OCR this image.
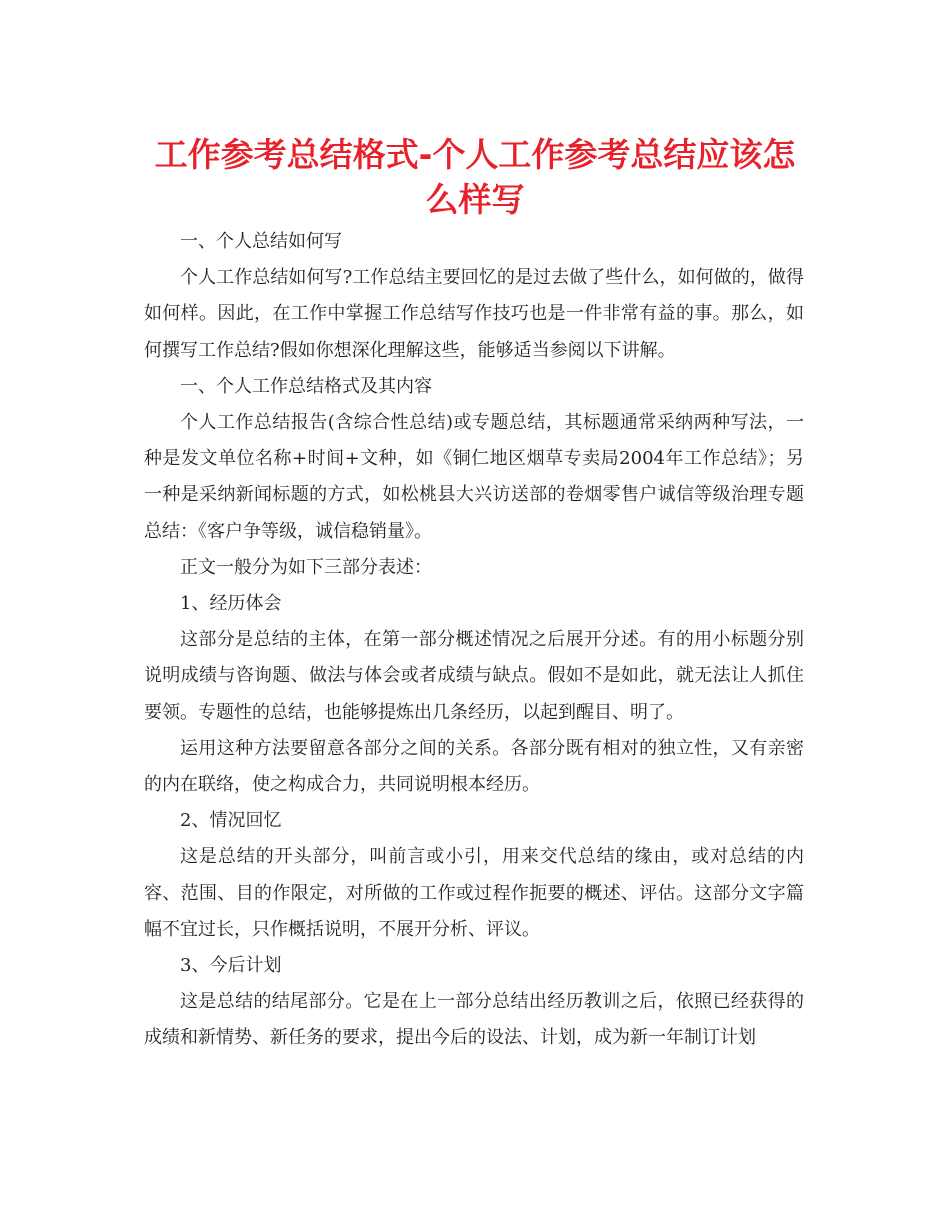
工作参考总结格式-个人工作参考总结应该怎么样写

一、个人总结如何写

个人工作总结如何写?工作总结主要回忆的是过去做了些什么，如何做的，做得如何样。因此，在工作中掌握工作总结写作技巧也是一件非常有益的事。那么，如何撰写工作总结?假如你想深化理解这些，能够适当参阅以下讲解。

一、个人工作总结格式及其内容

个人工作总结报告(含综合性总结)或专题总结，其标题通常采纳两种写法，一种是发文单位名称+时间+文种，如《铜仁地区烟草专卖局2004年工作总结》；另一种是采纳新闻标题的方式，如松桃县大兴访送部的卷烟零售户诚信等级治理专题总结：《客户争等级，诚信稳销量》。

正文一般分为如下三部分表述：

1、经历体会

这部分是总结的主体，在第一部分概述情况之后展开分述。有的用小标题分别说明成绩与咨询题、做法与体会或者成绩与缺点。假如不是如此，就无法让人抓住要领。专题性的总结，也能够提炼出几条经历，以起到醒目、明了。

运用这种方法要留意各部分之间的关系。各部分既有相对的独立性，又有亲密的内在联络，使之构成合力，共同说明根本经历。

2、情况回忆

这是总结的开头部分，叫前言或小引，用来交代总结的缘由，或对总结的内容、范围、目的作限定，对所做的工作或过程作扼要的概述、评估。这部分文字篇幅不宜过长，只作概括说明，不展开分析、评议。

3、今后计划

这是总结的结尾部分。它是在上一部分总结出经历教训之后，依照已经获得的成绩和新情势、新任务的要求，提出今后的设法、计划，成为新一年制订计划
